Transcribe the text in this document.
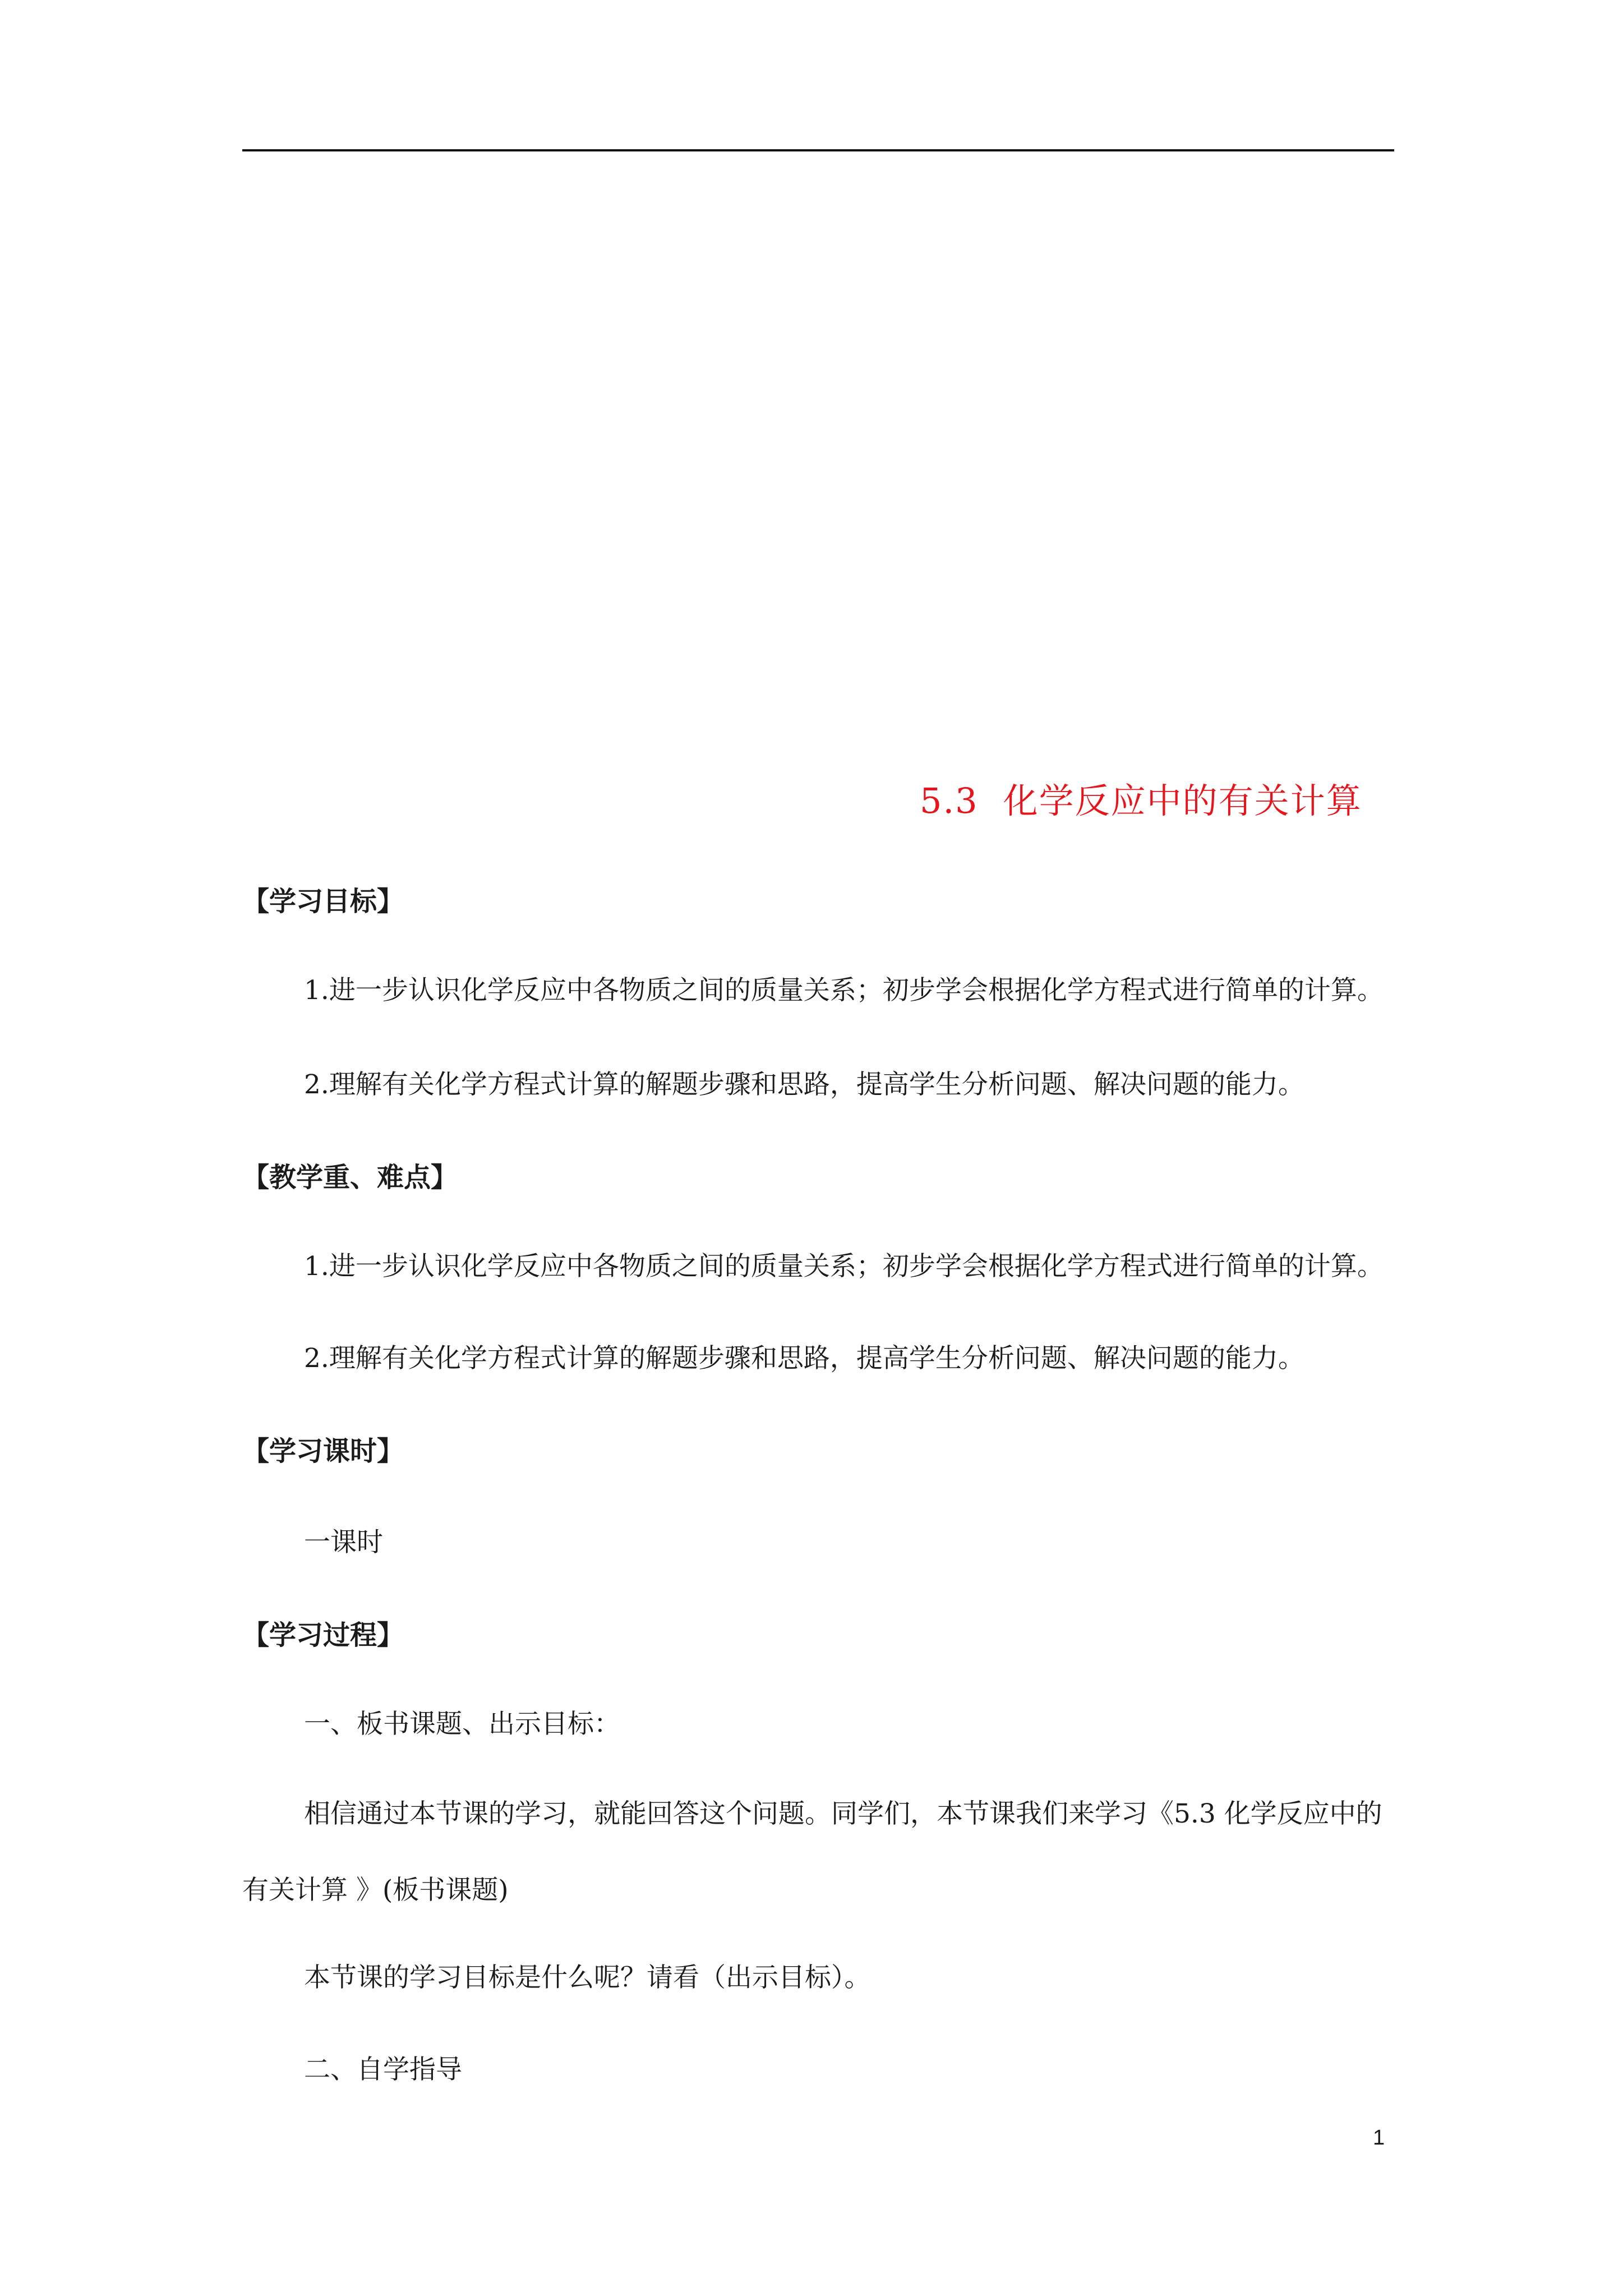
5.3 化学反应中的有关计算
【学习目标】
1.进一步认识化学反应中各物质之间的质量关系；初步学会根据化学方程式进行简单的计算。
2.理解有关化学方程式计算的解题步骤和思路，提高学生分析问题、解决问题的能力。
【教学重、难点】
1.进一步认识化学反应中各物质之间的质量关系；初步学会根据化学方程式进行简单的计算。
2.理解有关化学方程式计算的解题步骤和思路，提高学生分析问题、解决问题的能力。
【学习课时】
一课时
【学习过程】
一、板书课题、出示目标：
相信通过本节课的学习，就能回答这个问题。同学们，本节课我们来学习《5.3 化学反应中的有关计算 》(板书课题)
本节课的学习目标是什么呢？请看（出示目标）。
二、自学指导
1
